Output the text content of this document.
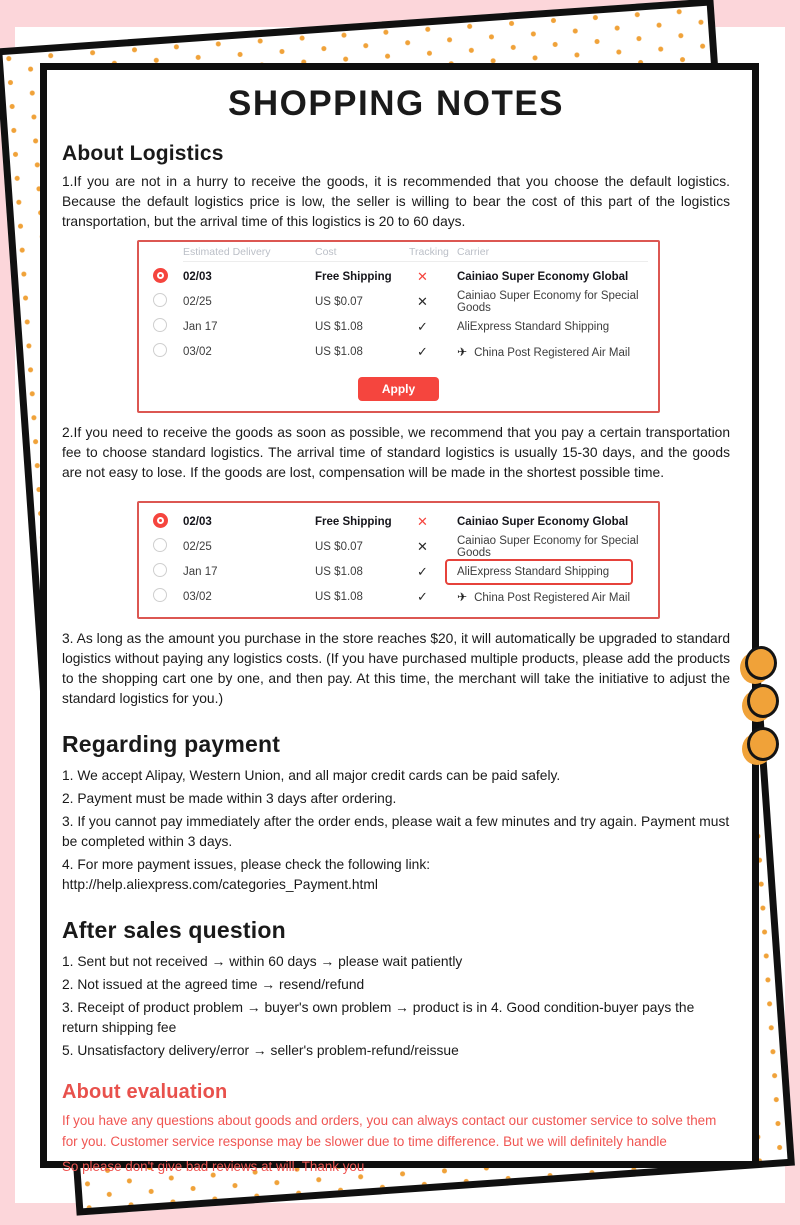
SHOPPING NOTES
About Logistics

1.If you are not in a hurry to receive the goods, it is recommended that you choose the default logistics. Because the default logistics price is low, the seller is willing to bear the cost of this part of the logistics transportation, but the arrival time of this logistics is 20 to 60 days.

Estimated Delivery	Cost	Tracking Carrier
02/03	Free Shipping	✕	Cainiao Super Economy Global
02/25	US $0.07	✕	Cainiao Super Economy for Special Goods
Jan 17	US $1.08	✓	AliExpress Standard Shipping
03/02	US $1.08	✓	✈ China Post Registered Air Mail
Apply

2.If you need to receive the goods as soon as possible, we recommend that you pay a certain transportation fee to choose standard logistics. The arrival time of standard logistics is usually 15-30 days, and the goods are not easy to lose. If the goods are lost, compensation will be made in the shortest possible time.

02/03	Free Shipping	✕	Cainiao Super Economy Global
02/25	US $0.07	✕	Cainiao Super Economy for Special Goods
Jan 17	US $1.08	✓	AliExpress Standard Shipping
03/02	US $1.08	✓	✈ China Post Registered Air Mail

3. As long as the amount you purchase in the store reaches $20, it will automatically be upgraded to standard logistics without paying any logistics costs. (If you have purchased multiple products, please add the products to the shopping cart one by one, and then pay. At this time, the merchant will take the initiative to adjust the standard logistics for you.)

Regarding payment
1. We accept Alipay, Western Union, and all major credit cards can be paid safely.
2. Payment must be made within 3 days after ordering.
3. If you cannot pay immediately after the order ends, please wait a few minutes and try again. Payment must be completed within 3 days.
4. For more payment issues, please check the following link: http://help.aliexpress.com/categories_Payment.html
After sales question
1. Sent but not received → within 60 days → please wait patiently
2. Not issued at the agreed time → resend/refund
3. Receipt of product problem → buyer's own problem → product is in 4. Good condition-buyer pays the return shipping fee
5. Unsatisfactory delivery/error → seller's problem-refund/reissue
About evaluation

If you have any questions about goods and orders, you can always contact our customer service to solve them for you. Customer service response may be slower due to time difference. But we will definitely handle

So please don't give bad reviews at will. Thank you
